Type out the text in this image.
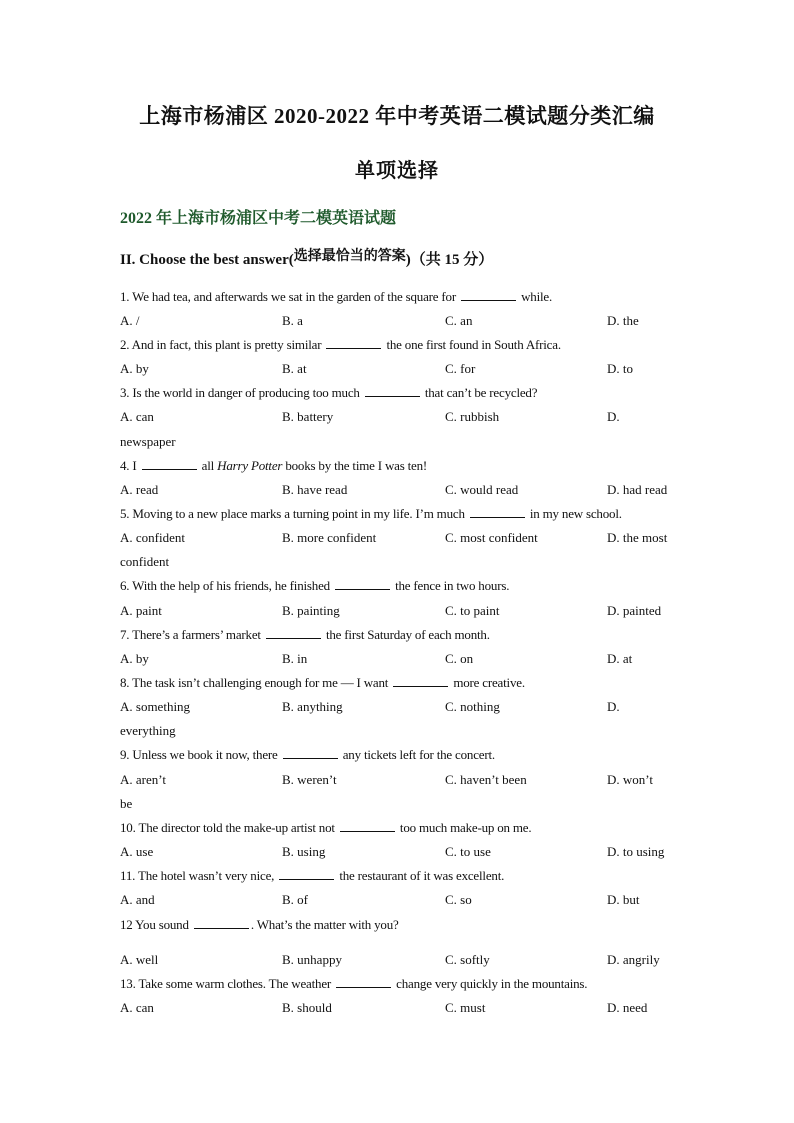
上海市杨浦区 2020-2022 年中考英语二模试题分类汇编
单项选择
2022 年上海市杨浦区中考二模英语试题
II. Choose the best answer(选择最恰当的答案)（共 15 分）
1. We had tea, and afterwards we sat in the garden of the square for	while.
A. /	B. a	C. an	D. the
2. And in fact, this plant is pretty similar	the one first found in South Africa.
A. by	B. at	C. for	D. to
3. Is the world in danger of producing too much	that can’t be recycled?
A. can	B. battery	C. rubbish	D.
newspaper
4. I	all Harry Potter books by the time I was ten!
A. read	B. have read	C. would read	D. had read
5. Moving to a new place marks a turning point in my life. I’m much	in my new school.
A. confident	B. more confident	C. most confident	D. the most
confident
6. With the help of his friends, he finished	the fence in two hours.
A. paint	B. painting	C. to paint	D. painted
7. There’s a farmers’ market	the first Saturday of each month.
A. by	B. in	C. on	D. at
8. The task isn’t challenging enough for me — I want	more creative.
A. something	B. anything	C. nothing	D.
everything
9. Unless we book it now, there	any tickets left for the concert.
A. aren’t	B. weren’t	C. haven’t been	D. won’t
be
10. The director told the make-up artist not	too much make-up on me.
A. use	B. using	C. to use	D. to using
11. The hotel wasn’t very nice,	the restaurant of it was excellent.
A. and	B. of	C. so	D. but
12 You sound	. What’s the matter with you?
A. well	B. unhappy	C. softly	D. angrily
13. Take some warm clothes. The weather	change very quickly in the mountains.
A. can	B. should	C. must	D. need
